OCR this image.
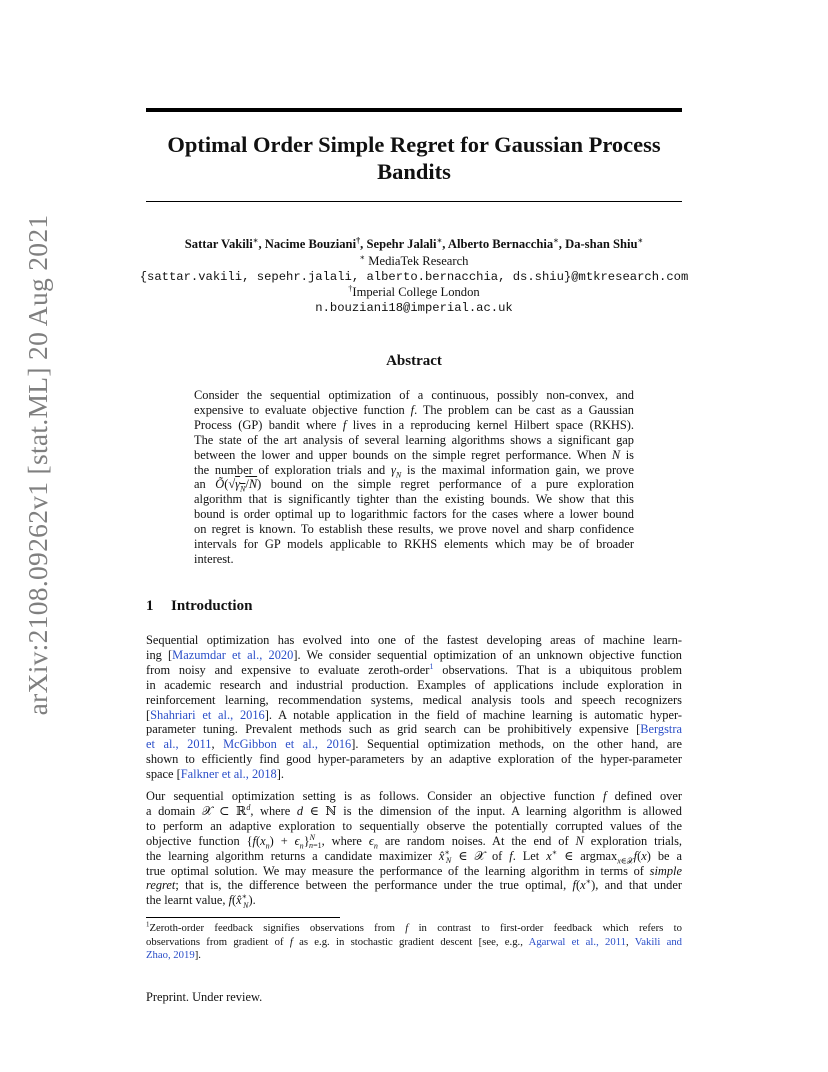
arXiv:2108.09262v1 [stat.ML] 20 Aug 2021
Optimal Order Simple Regret for Gaussian Process
Bandits
Sattar Vakili∗, Nacime Bouziani†, Sepehr Jalali∗, Alberto Bernacchia∗, Da-shan Shiu∗
∗ MediaTek Research
{sattar.vakili, sepehr.jalali, alberto.bernacchia, ds.shiu}@mtkresearch.com
†Imperial College London
n.bouziani18@imperial.ac.uk
Abstract
Consider the sequential optimization of a continuous, possibly non-convex, and
expensive to evaluate objective function f. The problem can be cast as a Gaussian
Process (GP) bandit where f lives in a reproducing kernel Hilbert space (RKHS).
The state of the art analysis of several learning algorithms shows a significant gap
between the lower and upper bounds on the simple regret performance. When N is
the number of exploration trials and $\gamma_N$ is the maximal information gain, we prove
an $Õ(√\gamma_N/N)$ bound on the simple regret performance of a pure exploration
algorithm that is significantly tighter than the existing bounds. We show that this
bound is order optimal up to logarithmic factors for the cases where a lower bound
on regret is known. To establish these results, we prove novel and sharp confidence
intervals for GP models applicable to RKHS elements which may be of broader
interest.
1 Introduction
Sequential optimization has evolved into one of the fastest developing areas of machine learn-
ing [Mazumdar et al., 2020]. We consider sequential optimization of an unknown objective function
from noisy and expensive to evaluate zeroth-order$^1$ observations. That is a ubiquitous problem
in academic research and industrial production. Examples of applications include exploration in
reinforcement learning, recommendation systems, medical analysis tools and speech recognizers
[Shahriari et al., 2016]. A notable application in the field of machine learning is automatic hyper-
parameter tuning. Prevalent methods such as grid search can be prohibitively expensive [Bergstra
et al., 2011, McGibbon et al., 2016]. Sequential optimization methods, on the other hand, are
shown to efficiently find good hyper-parameters by an adaptive exploration of the hyper-parameter
space [Falkner et al., 2018].
Our sequential optimization setting is as follows. Consider an objective function f defined over
a domain 𝒳 ⊂ ℝ$^d$, where d ∈ ℕ is the dimension of the input. A learning algorithm is allowed
to perform an adaptive exploration to sequentially observe the potentially corrupted values of the
objective function $\{f(x_n) + \epsilon_n\}^N_{n=1}$, where $\epsilon_n$ are random noises. At the end of N exploration trials,
the learning algorithm returns a candidate maximizer $x̂^∗_N$ ∈ 𝒳 of f. Let x∗ ∈ argmax$_{x\in 𝒳}$f(x) be a
true optimal solution. We may measure the performance of the learning algorithm in terms of simple
regret; that is, the difference between the performance under the true optimal, f(x∗), and that under
the learnt value, $f(x̂^∗_N)$.
$^1$Zeroth-order feedback signifies observations from f in contrast to first-order feedback which refers to
observations from gradient of f as e.g. in stochastic gradient descent [see, e.g., Agarwal et al., 2011, Vakili and
Zhao, 2019].
Preprint. Under review.
